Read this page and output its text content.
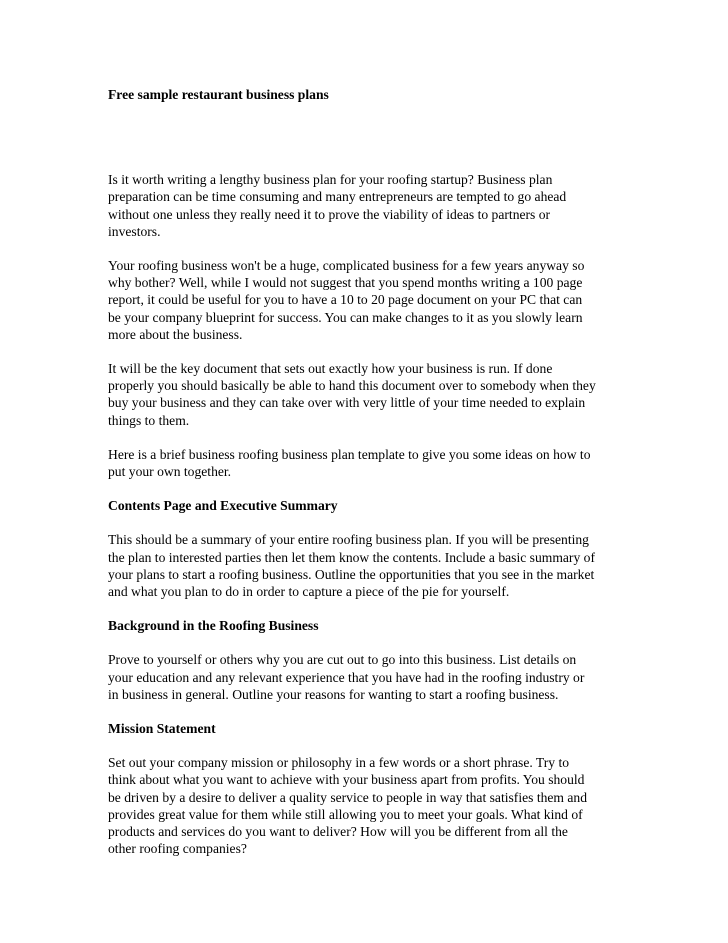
Free sample restaurant business plans

Is it worth writing a lengthy business plan for your roofing startup? Business plan
preparation can be time consuming and many entrepreneurs are tempted to go ahead
without one unless they really need it to prove the viability of ideas to partners or
investors.

Your roofing business won't be a huge, complicated business for a few years anyway so
why bother? Well, while I would not suggest that you spend months writing a 100 page
report, it could be useful for you to have a 10 to 20 page document on your PC that can
be your company blueprint for success. You can make changes to it as you slowly learn
more about the business.

It will be the key document that sets out exactly how your business is run. If done
properly you should basically be able to hand this document over to somebody when they
buy your business and they can take over with very little of your time needed to explain
things to them.

Here is a brief business roofing business plan template to give you some ideas on how to
put your own together.

Contents Page and Executive Summary

This should be a summary of your entire roofing business plan. If you will be presenting
the plan to interested parties then let them know the contents. Include a basic summary of
your plans to start a roofing business. Outline the opportunities that you see in the market
and what you plan to do in order to capture a piece of the pie for yourself.

Background in the Roofing Business

Prove to yourself or others why you are cut out to go into this business. List details on
your education and any relevant experience that you have had in the roofing industry or
in business in general. Outline your reasons for wanting to start a roofing business.

Mission Statement

Set out your company mission or philosophy in a few words or a short phrase. Try to
think about what you want to achieve with your business apart from profits. You should
be driven by a desire to deliver a quality service to people in way that satisfies them and
provides great value for them while still allowing you to meet your goals. What kind of
products and services do you want to deliver? How will you be different from all the
other roofing companies?
